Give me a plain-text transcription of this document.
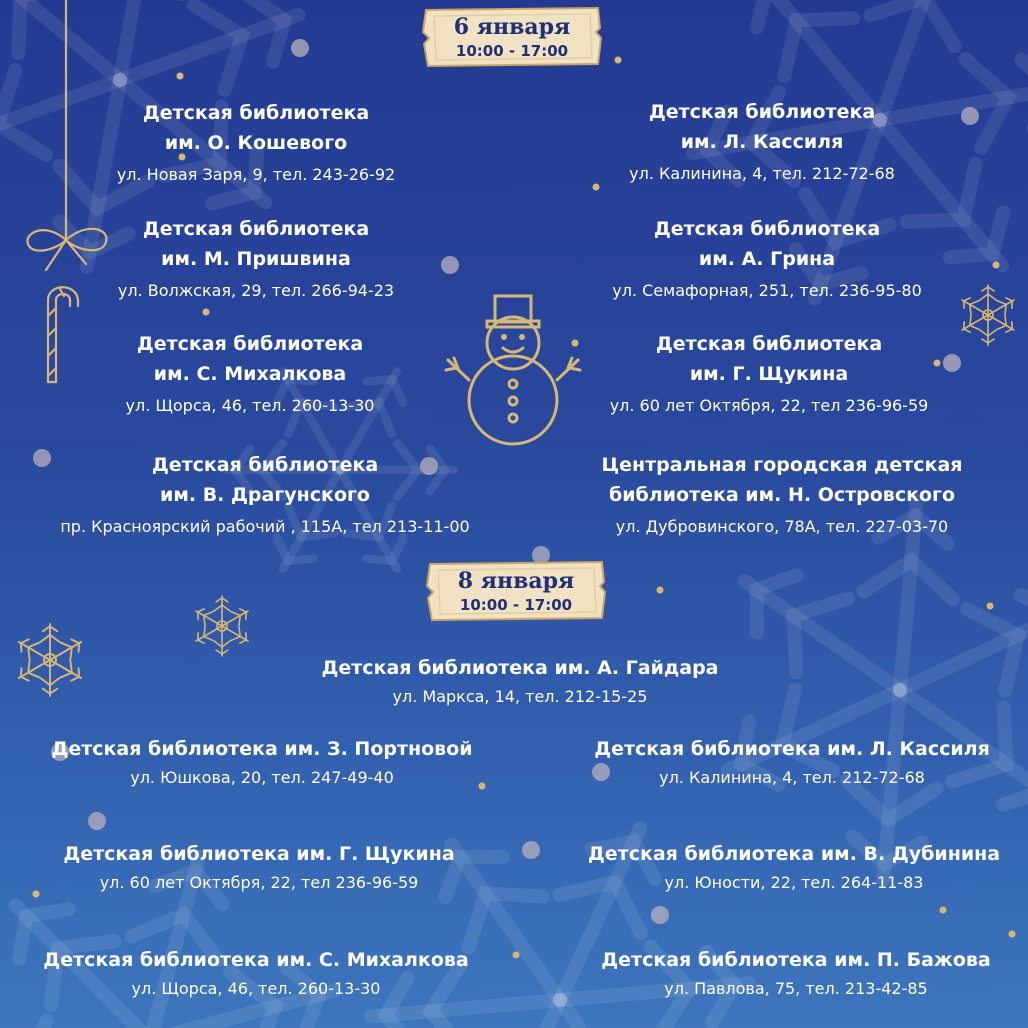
6 января
10:00 - 17:00
Детская библиотека
им. О. Кошевого
ул. Новая Заря, 9, тел. 243-26-92
Детская библиотека
им. Л. Кассиля
ул. Калинина, 4, тел. 212-72-68
Детская библиотека
им. М. Пришвина
ул. Волжская, 29, тел. 266-94-23
Детская библиотека
им. А. Грина
ул. Семафорная, 251, тел. 236-95-80
Детская библиотека
им. С. Михалкова
ул. Щорса, 46, тел. 260-13-30
Детская библиотека
им. Г. Щукина
ул. 60 лет Октября, 22, тел 236-96-59
Детская библиотека
им. В. Драгунского
пр. Красноярский рабочий , 115А, тел 213-11-00
Центральная городская детская
библиотека им. Н. Островского
ул. Дубровинского, 78А, тел. 227-03-70
8 января
10:00 - 17:00
Детская библиотека им. А. Гайдара
ул. Маркса, 14, тел. 212-15-25
Детская библиотека им. З. Портновой
ул. Юшкова, 20, тел. 247-49-40
Детская библиотека им. Л. Кассиля
ул. Калинина, 4, тел. 212-72-68
Детская библиотека им. Г. Щукина
ул. 60 лет Октября, 22, тел 236-96-59
Детская библиотека им. В. Дубинина
ул. Юности, 22, тел. 264-11-83
Детская библиотека им. С. Михалкова
ул. Щорса, 46, тел. 260-13-30
Детская библиотека им. П. Бажова
ул. Павлова, 75, тел. 213-42-85
